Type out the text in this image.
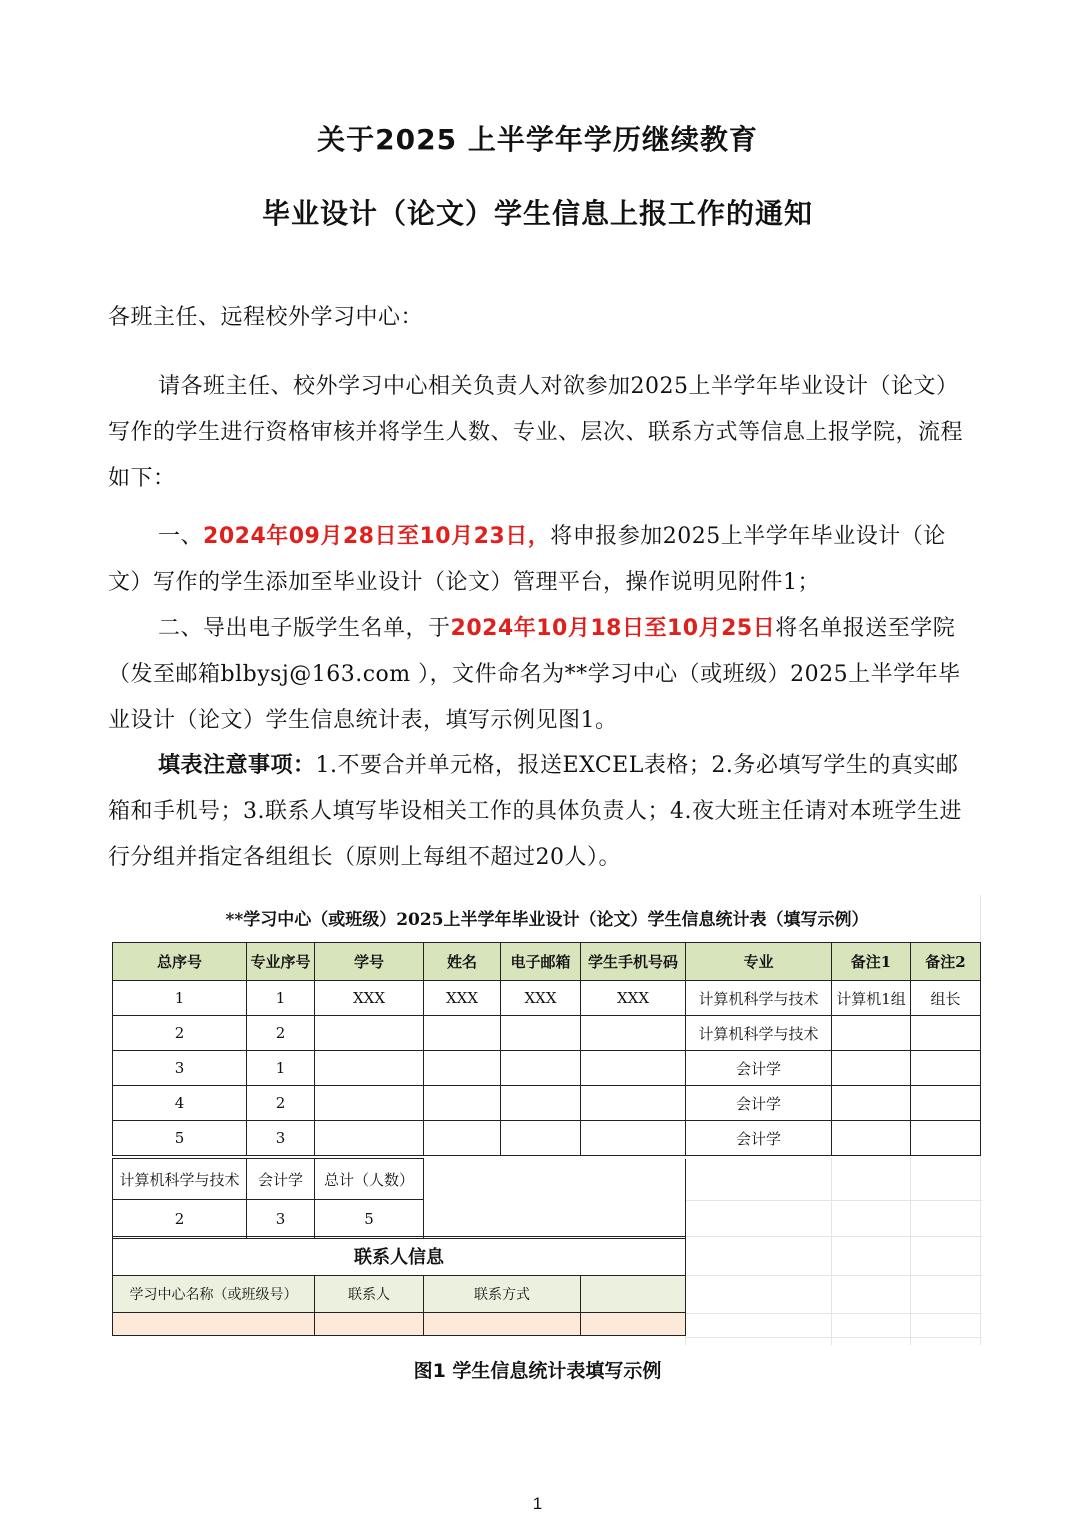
关于2025 上半学年学历继续教育
毕业设计（论文）学生信息上报工作的通知
各班主任、远程校外学习中心：
请各班主任、校外学习中心相关负责人对欲参加2025上半学年毕业设计（论文）写作的学生进行资格审核并将学生人数、专业、层次、联系方式等信息上报学院，流程如下：
一、2024年09月28日至10月23日，将申报参加2025上半学年毕业设计（论文）写作的学生添加至毕业设计（论文）管理平台，操作说明见附件1；
二、导出电子版学生名单，于2024年10月18日至10月25日将名单报送至学院（发至邮箱blbysj@163.com ），文件命名为**学习中心（或班级）2025上半学年毕业设计（论文）学生信息统计表，填写示例见图1。
填表注意事项：1.不要合并单元格，报送EXCEL表格；2.务必填写学生的真实邮箱和手机号；3.联系人填写毕设相关工作的具体负责人；4.夜大班主任请对本班学生进行分组并指定各组组长（原则上每组不超过20人）。
**学习中心（或班级）2025上半学年毕业设计（论文）学生信息统计表（填写示例）
总序号	专业序号	学号	姓名	电子邮箱	学生手机号码	专业	备注1	备注2
1	1	XXX	XXX	XXX	XXX	计算机科学与技术	计算机1组	组长
2	2					计算机科学与技术		
3	1					会计学		
4	2					会计学		
5	3					会计学		
计算机科学与技术	会计学	总计（人数）	
2	3	5	
联系人信息			
学习中心名称（或班级号）	联系人	联系方式	

图1 学生信息统计表填写示例
1
